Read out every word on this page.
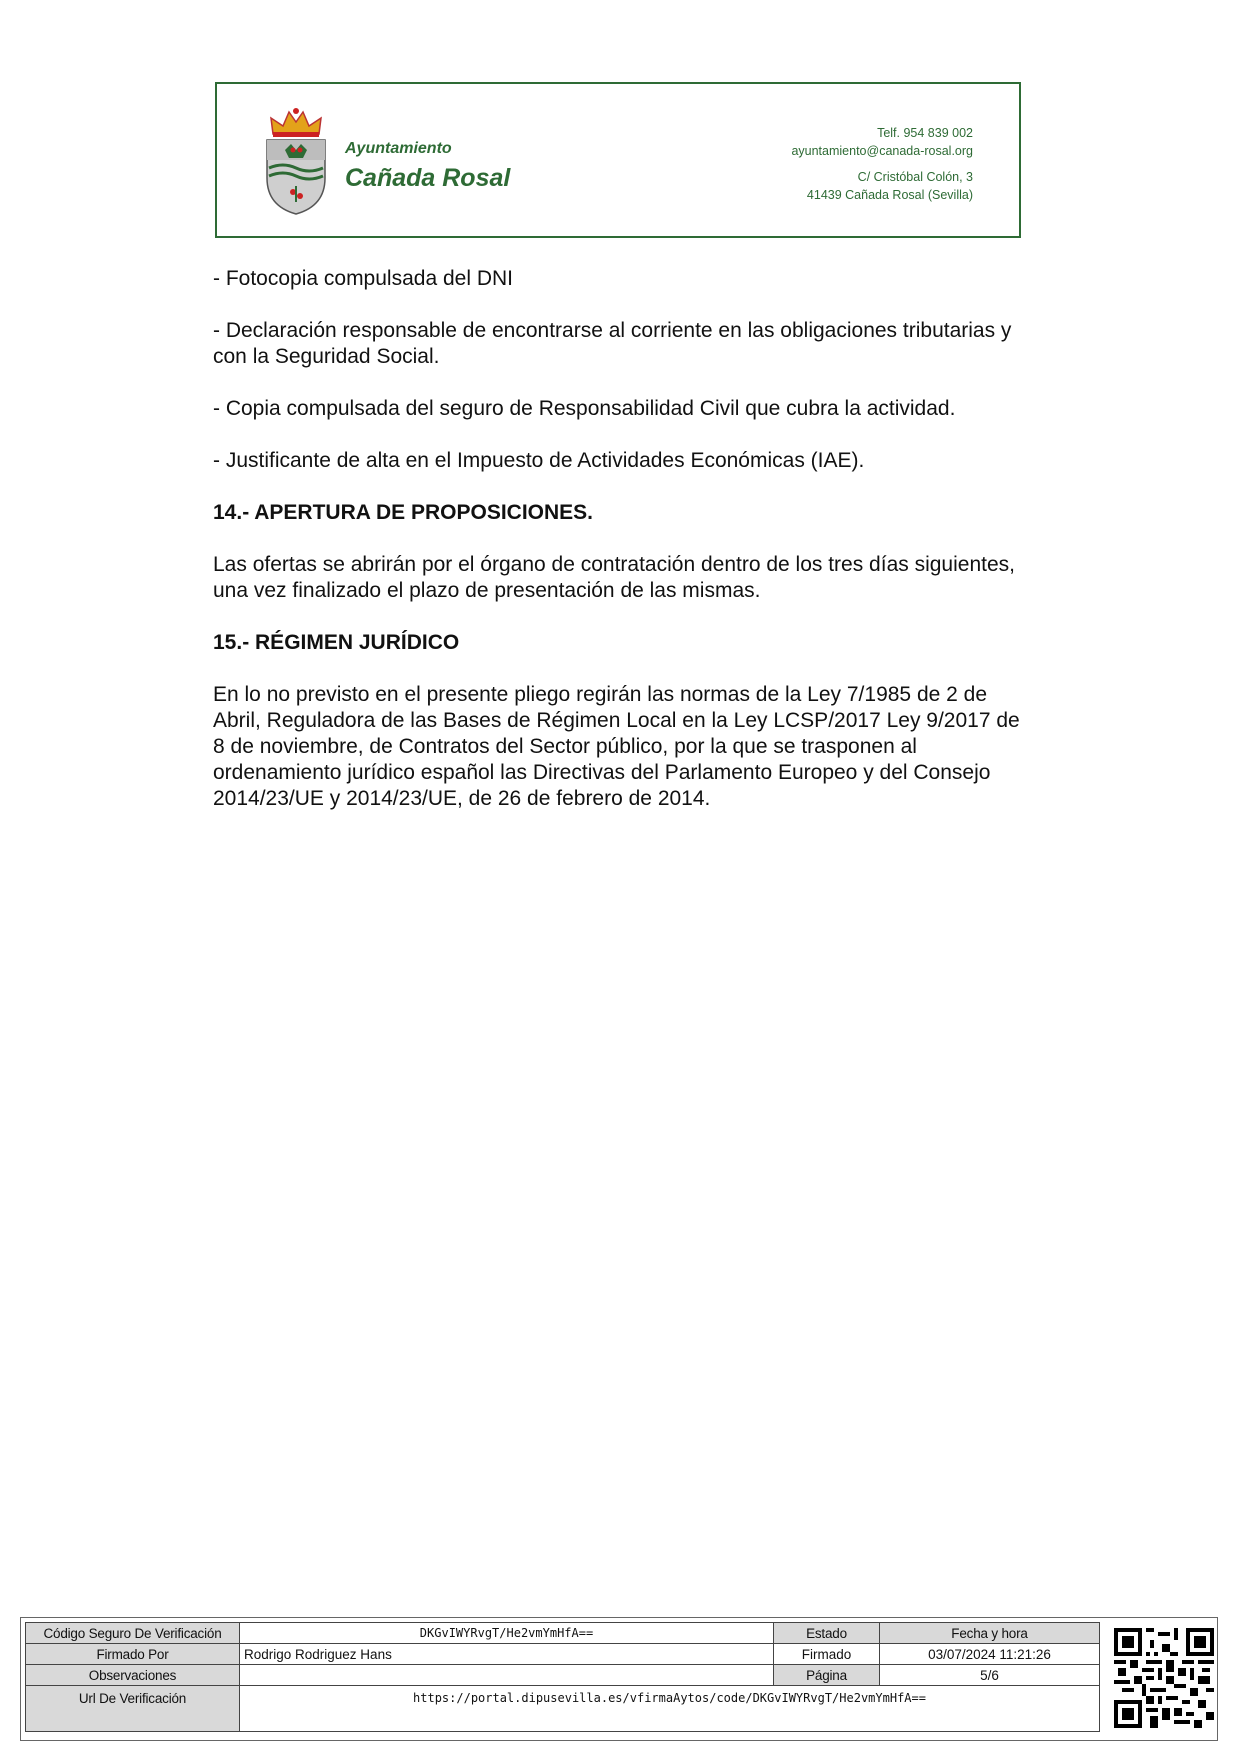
Ayuntamiento
Cañada Rosal
Telf. 954 839 002
ayuntamiento@canada-rosal.org
C/ Cristóbal Colón, 3
41439 Cañada Rosal (Sevilla)

- Fotocopia compulsada del DNI

- Declaración responsable de encontrarse al corriente en las obligaciones tributarias y con la Seguridad Social.

- Copia compulsada del seguro de Responsabilidad Civil que cubra la actividad.

- Justificante de alta en el Impuesto de Actividades Económicas (IAE).

14.- APERTURA DE PROPOSICIONES.

Las ofertas se abrirán por el órgano de contratación dentro de los tres días siguientes, una vez finalizado el plazo de presentación de las mismas.

15.- RÉGIMEN JURÍDICO

En lo no previsto en el presente pliego regirán las normas de la Ley 7/1985 de 2 de Abril, Reguladora de las Bases de Régimen Local en la Ley LCSP/2017 Ley 9/2017 de 8 de noviembre, de Contratos del Sector público, por la que se trasponen al ordenamiento jurídico español las Directivas del Parlamento Europeo y del Consejo 2014/23/UE y 2014/23/UE, de 26 de febrero de 2014.

Código Seguro De Verificación	DKGvIWYRvgT/He2vmYmHfA==	Estado	Fecha y hora
Firmado Por	Rodrigo Rodriguez Hans	Firmado	03/07/2024 11:21:26
Observaciones		Página	5/6
Url De Verificación	https://portal.dipusevilla.es/vfirmaAytos/code/DKGvIWYRvgT/He2vmYmHfA==		
